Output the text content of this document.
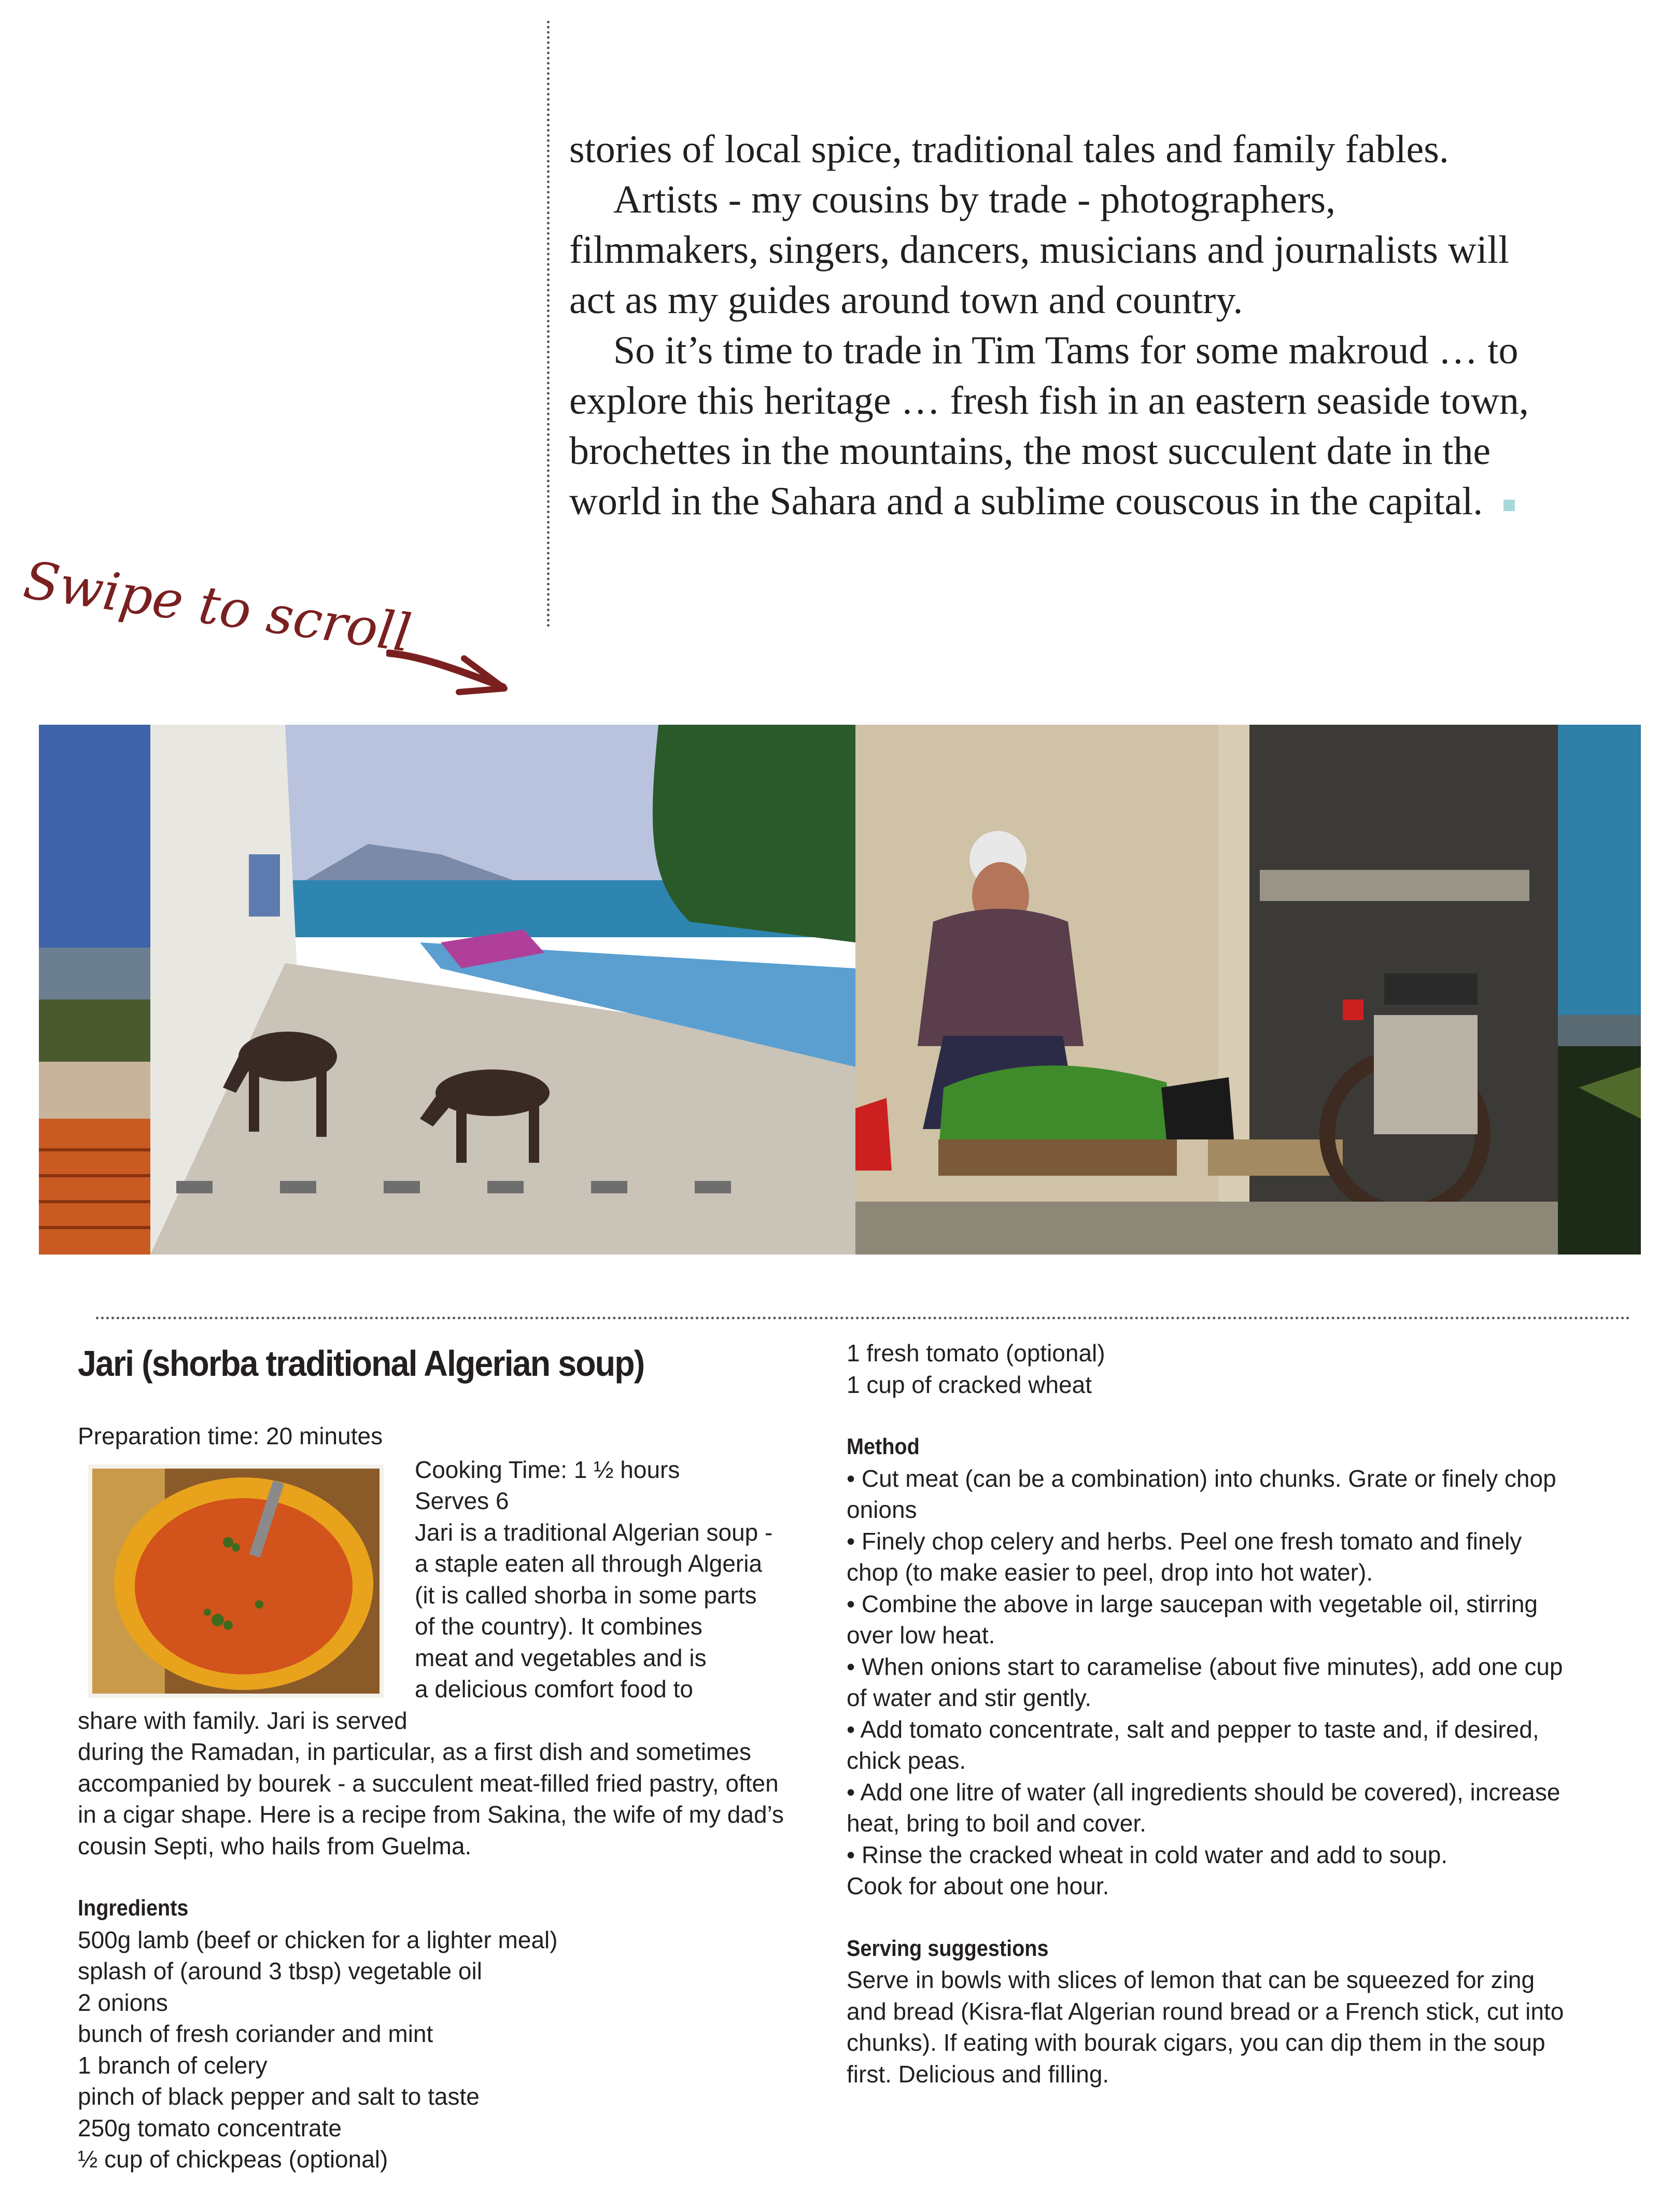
stories of local spice, traditional tales and family fables.

Artists - my cousins by trade - photographers,

filmmakers, singers, dancers, musicians and journalists will

act as my guides around town and country.

So it’s time to trade in Tim Tams for some makroud … to

explore this heritage … fresh fish in an eastern seaside town,

brochettes in the mountains, the most succulent date in the

world in the Sahara and a sublime couscous in the capital.

Swipe to scroll
Jari (shorba traditional Algerian soup)
Preparation time: 20 minutes
Cooking Time: 1 ½ hours
Serves 6
Jari is a traditional Algerian soup -
a staple eaten all through Algeria
(it is called shorba in some parts
of the country). It combines
meat and vegetables and is
a delicious comfort food to
share with family. Jari is served
during the Ramadan, in particular, as a first dish and sometimes
accompanied by bourek - a succulent meat-filled fried pastry, often
in a cigar shape. Here is a recipe from Sakina, the wife of my dad’s
cousin Septi, who hails from Guelma.
Ingredients
500g lamb (beef or chicken for a lighter meal)
splash of (around 3 tbsp) vegetable oil
2 onions
bunch of fresh coriander and mint
1 branch of celery
pinch of black pepper and salt to taste
250g tomato concentrate
½ cup of chickpeas (optional)
1 fresh tomato (optional)
1 cup of cracked wheat
Method
• Cut meat (can be a combination) into chunks. Grate or finely chop
onions
• Finely chop celery and herbs. Peel one fresh tomato and finely
chop (to make easier to peel, drop into hot water).
• Combine the above in large saucepan with vegetable oil, stirring
over low heat.
• When onions start to caramelise (about five minutes), add one cup
of water and stir gently.
• Add tomato concentrate, salt and pepper to taste and, if desired,
chick peas.
• Add one litre of water (all ingredients should be covered), increase
heat, bring to boil and cover.
• Rinse the cracked wheat in cold water and add to soup.
Cook for about one hour.
Serving suggestions
Serve in bowls with slices of lemon that can be squeezed for zing
and bread (Kisra-flat Algerian round bread or a French stick, cut into
chunks). If eating with bourak cigars, you can dip them in the soup
first. Delicious and filling.
